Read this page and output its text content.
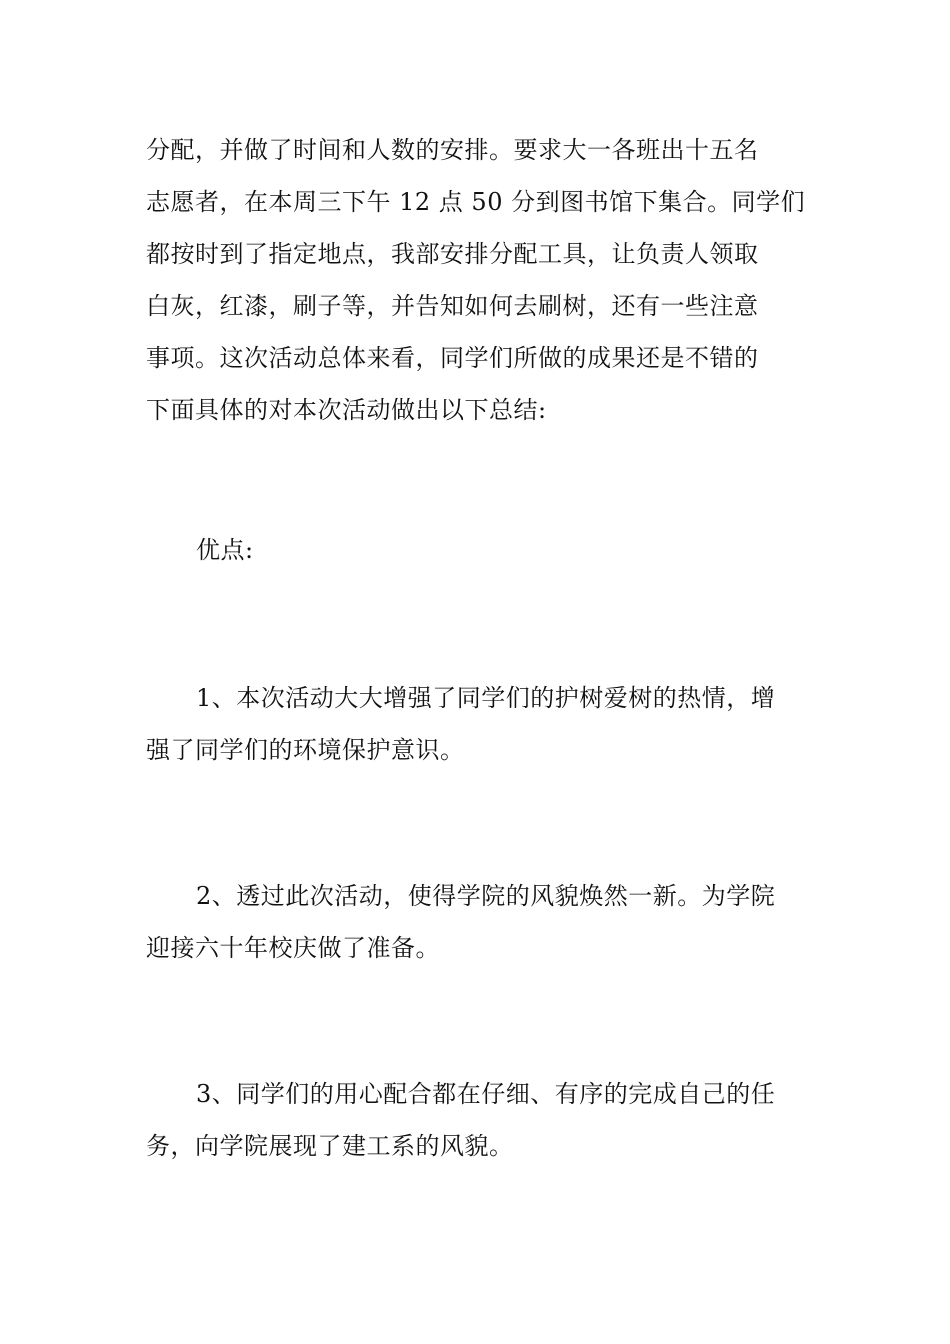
分配，并做了时间和人数的安排。要求大一各班出十五名
志愿者，在本周三下午 12 点 50 分到图书馆下集合。同学们
都按时到了指定地点，我部安排分配工具，让负责人领取
白灰，红漆，刷子等，并告知如何去刷树，还有一些注意
事项。这次活动总体来看，同学们所做的成果还是不错的
下面具体的对本次活动做出以下总结:
优点:
1、本次活动大大增强了同学们的护树爱树的热情，增
强了同学们的环境保护意识。
2、透过此次活动，使得学院的风貌焕然一新。为学院
迎接六十年校庆做了准备。
3、同学们的用心配合都在仔细、有序的完成自己的任
务，向学院展现了建工系的风貌。
